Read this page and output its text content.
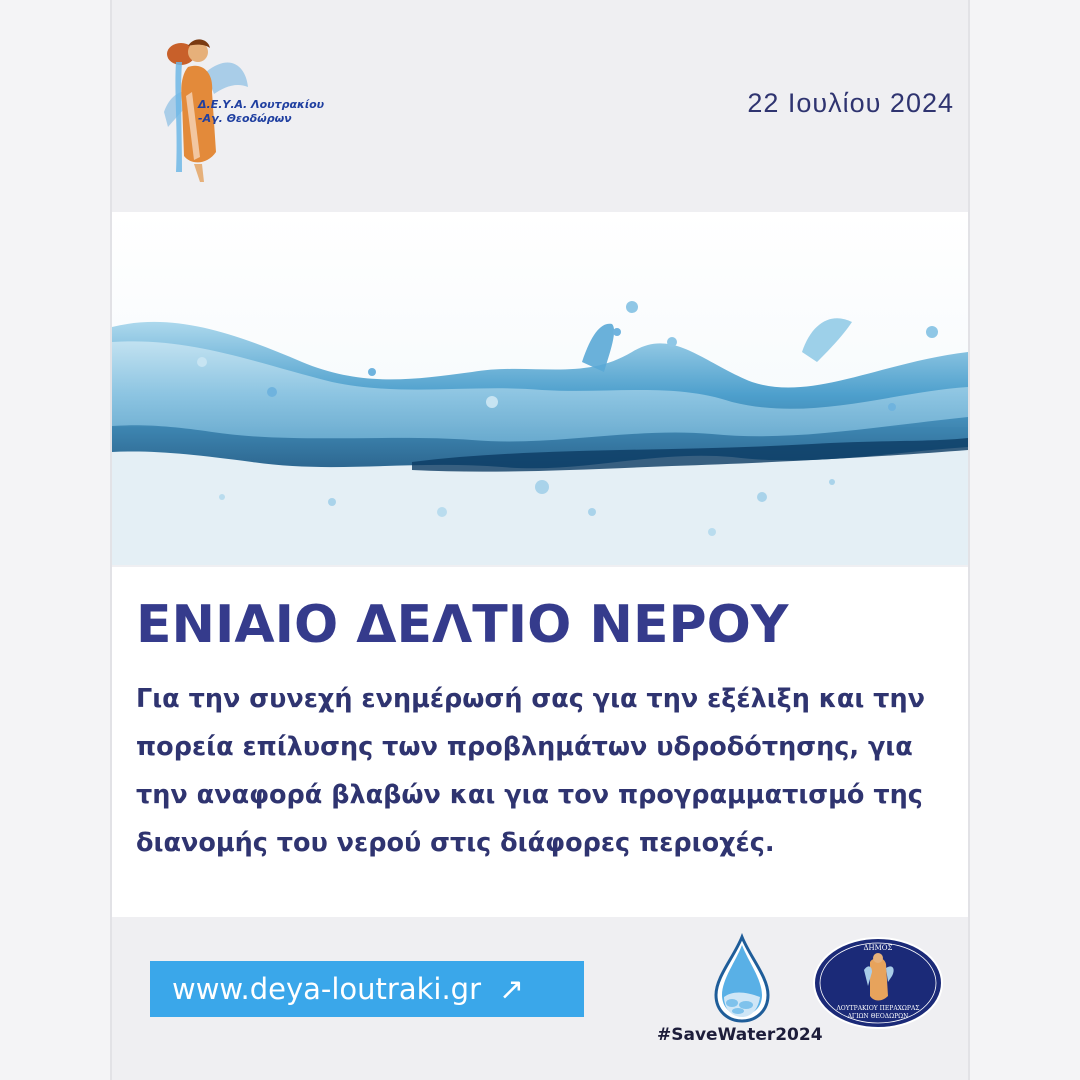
Δ.Ε.Υ.Α. Λουτρακίου
-Αγ. Θεοδώρων
22 Ιουλίου 2024
ΕΝΙΑΙΟ ΔΕΛΤΙΟ ΝΕΡΟΥ
Για την συνεχή ενημέρωσή σας για την εξέλιξη και την πορεία επίλυσης των προβλημάτων υδροδότησης, για την αναφορά βλαβών και για τον προγραμματισμό της διανομής του νερού στις διάφορες περιοχές.
www.deya-loutraki.gr ↗
#SaveWater2024
ΔΗΜΟΣ
ΛΟΥΤΡΑΚΙΟΥ ΠΕΡΑΧΩΡΑΣ
ΑΓΙΩΝ ΘΕΟΔΩΡΩΝ
